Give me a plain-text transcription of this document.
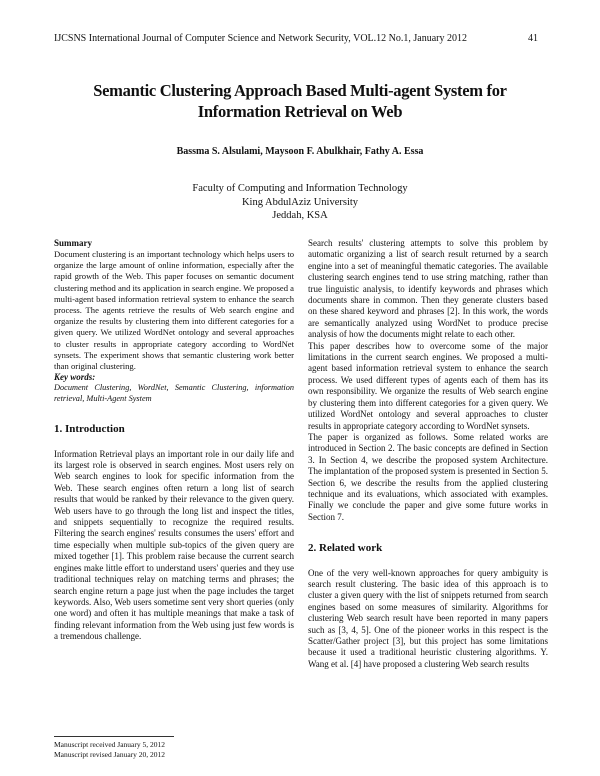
IJCSNS International Journal of Computer Science and Network Security, VOL.12 No.1, January 2012	41
Semantic Clustering Approach Based Multi-agent System for
Information Retrieval on Web
Bassma S. Alsulami, Maysoon F. Abulkhair, Fathy A. Essa
Faculty of Computing and Information Technology
King AbdulAziz University
Jeddah, KSA
Summary

Document clustering is an important technology which helps users to organize the large amount of online information, especially after the rapid growth of the Web. This paper focuses on semantic document clustering method and its application in search engine. We proposed a multi-agent based information retrieval system to enhance the search process. The agents retrieve the results of Web search engine and organize the results by clustering them into different categories for a given query. We utilized WordNet ontology and several approaches to cluster results in appropriate category according to WordNet synsets. The experiment shows that semantic clustering work better than original clustering.

Key words:

Document Clustering, WordNet, Semantic Clustering, information retrieval, Multi-Agent System

1. Introduction

Information Retrieval plays an important role in our daily life and its largest role is observed in search engines. Most users rely on Web search engines to look for specific information from the Web. These search engines often return a long list of search results that would be ranked by their relevance to the given query. Web users have to go through the long list and inspect the titles, and snippets sequentially to recognize the required results. Filtering the search engines' results consumes the users' effort and time especially when multiple sub-topics of the given query are mixed together [1]. This problem raise because the current search engines make little effort to understand users' queries and they use traditional techniques relay on matching terms and phrases; the search engine return a page just when the page includes the target keywords. Also, Web users sometime sent very short queries (only one word) and often it has multiple meanings that make a task of finding relevant information from the Web using just few words is a tremendous challenge.

Search results' clustering attempts to solve this problem by automatic organizing a list of search result returned by a search engine into a set of meaningful thematic categories. The available clustering search engines tend to use string matching, rather than true linguistic analysis, to identify keywords and phrases which documents share in common. Then they generate clusters based on these shared keyword and phrases [2]. In this work, the words are semantically analyzed using WordNet to produce precise analysis of how the documents might relate to each other.

This paper describes how to overcome some of the major limitations in the current search engines. We proposed a multi-agent based information retrieval system to enhance the search process. We used different types of agents each of them has its own responsibility. We organize the results of Web search engine by clustering them into different categories for a given query. We utilized WordNet ontology and several approaches to cluster results in appropriate category according to WordNet synsets.

The paper is organized as follows. Some related works are introduced in Section 2. The basic concepts are defined in Section 3. In Section 4, we describe the proposed system Architecture. The implantation of the proposed system is presented in Section 5. Section 6, we describe the results from the applied clustering technique and its evaluations, which associated with examples. Finally we conclude the paper and give some future works in Section 7.

2. Related work

One of the very well-known approaches for query ambiguity is search result clustering. The basic idea of this approach is to cluster a given query with the list of snippets returned from search engines based on some measures of similarity. Algorithms for clustering Web search result have been reported in many papers such as [3, 4, 5]. One of the pioneer works in this respect is the Scatter/Gather project [3], but this project has some limitations because it used a traditional heuristic clustering algorithms. Y. Wang et al. [4] have proposed a clustering Web search results

Manuscript received January 5, 2012
Manuscript revised January 20, 2012
